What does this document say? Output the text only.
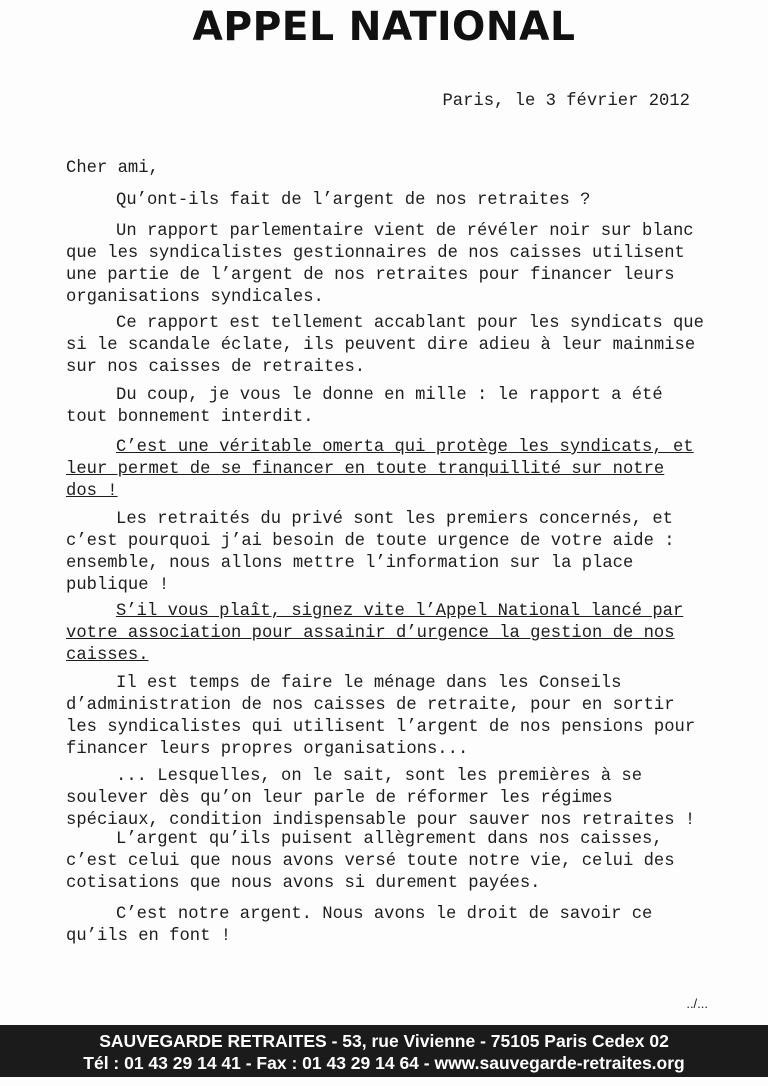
APPEL NATIONAL
Paris, le 3 février 2012
Cher ami,
Qu’ont-ils fait de l’argent de nos retraites ?
Un rapport parlementaire vient de révéler noir sur blanc
que les syndicalistes gestionnaires de nos caisses utilisent
une partie de l’argent de nos retraites pour financer leurs
organisations syndicales.
Ce rapport est tellement accablant pour les syndicats que
si le scandale éclate, ils peuvent dire adieu à leur mainmise
sur nos caisses de retraites.
Du coup, je vous le donne en mille : le rapport a été
tout bonnement interdit.
C’est une véritable omerta qui protège les syndicats, et
leur permet de se financer en toute tranquillité sur notre
dos !
Les retraités du privé sont les premiers concernés, et
c’est pourquoi j’ai besoin de toute urgence de votre aide :
ensemble, nous allons mettre l’information sur la place
publique !
S’il vous plaît, signez vite l’Appel National lancé par
votre association pour assainir d’urgence la gestion de nos
caisses.
Il est temps de faire le ménage dans les Conseils
d’administration de nos caisses de retraite, pour en sortir
les syndicalistes qui utilisent l’argent de nos pensions pour
financer leurs propres organisations...
... Lesquelles, on le sait, sont les premières à se
soulever dès qu’on leur parle de réformer les régimes
spéciaux, condition indispensable pour sauver nos retraites !
L’argent qu’ils puisent allègrement dans nos caisses,
c’est celui que nous avons versé toute notre vie, celui des
cotisations que nous avons si durement payées.
C’est notre argent. Nous avons le droit de savoir ce
qu’ils en font !
../...
SAUVEGARDE RETRAITES - 53, rue Vivienne - 75105 Paris Cedex 02
Tél : 01 43 29 14 41 - Fax : 01 43 29 14 64 - www.sauvegarde-retraites.org
